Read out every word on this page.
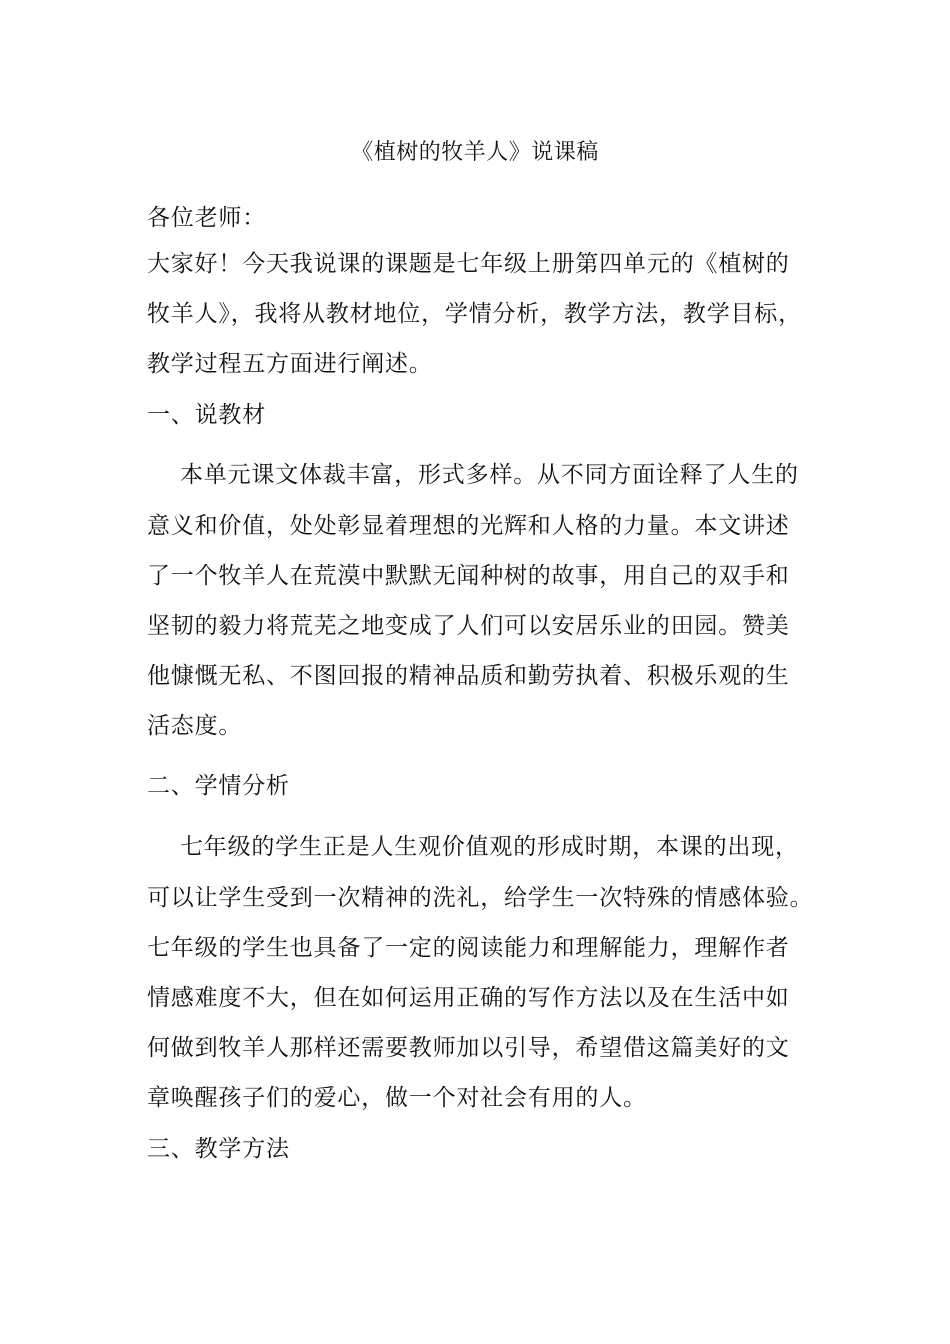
《植树的牧羊人》说课稿
各位老师：
大家好！今天我说课的课题是七年级上册第四单元的《植树的
牧羊人》，我将从教材地位，学情分析，教学方法，教学目标，
教学过程五方面进行阐述。
一、说教材
本单元课文体裁丰富，形式多样。从不同方面诠释了人生的
意义和价值，处处彰显着理想的光辉和人格的力量。本文讲述
了一个牧羊人在荒漠中默默无闻种树的故事，用自己的双手和
坚韧的毅力将荒芜之地变成了人们可以安居乐业的田园。赞美
他慷慨无私、不图回报的精神品质和勤劳执着、积极乐观的生
活态度。
二、学情分析
七年级的学生正是人生观价值观的形成时期，本课的出现，
可以让学生受到一次精神的洗礼，给学生一次特殊的情感体验。
七年级的学生也具备了一定的阅读能力和理解能力，理解作者
情感难度不大，但在如何运用正确的写作方法以及在生活中如
何做到牧羊人那样还需要教师加以引导，希望借这篇美好的文
章唤醒孩子们的爱心，做一个对社会有用的人。
三、教学方法
